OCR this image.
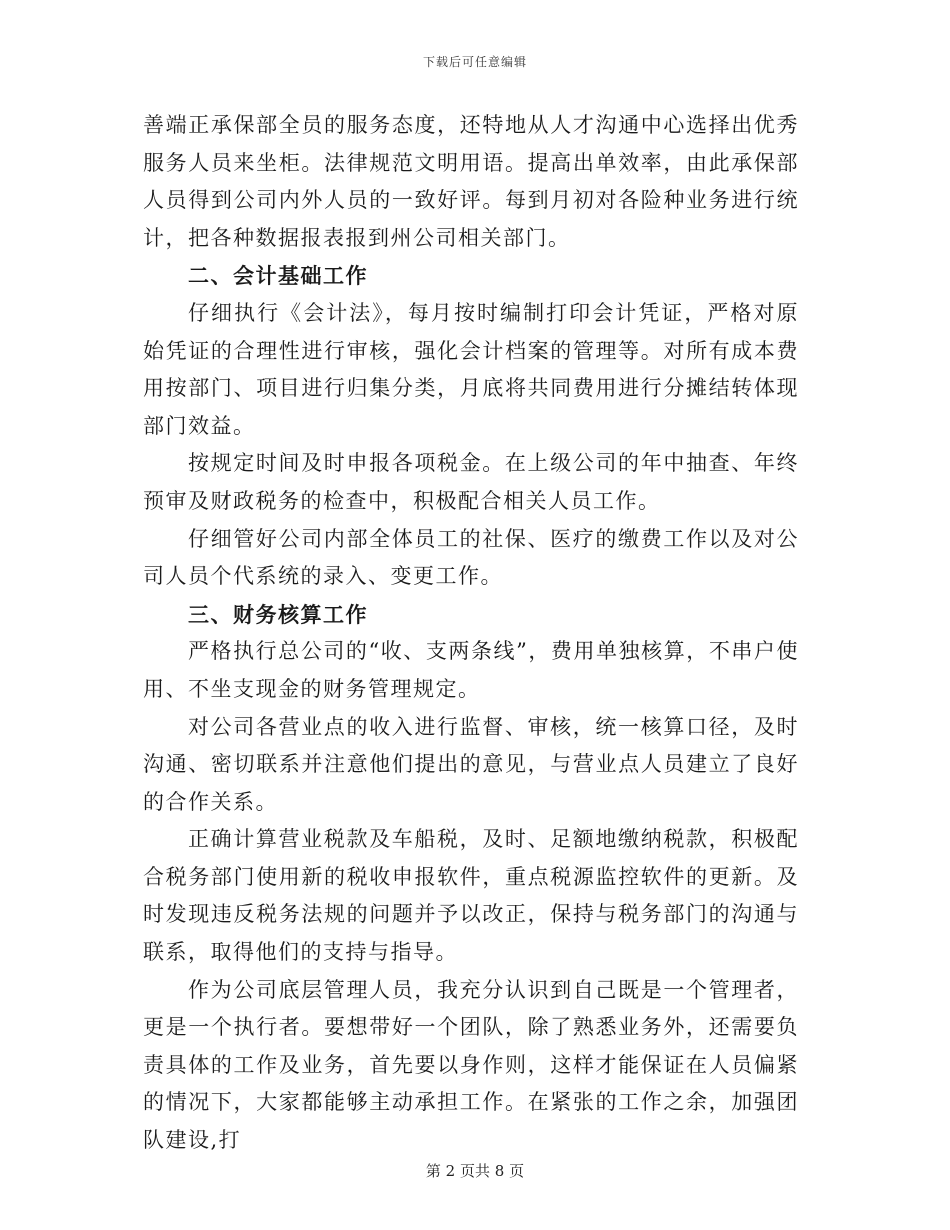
下载后可任意编辑

善端正承保部全员的服务态度，还特地从人才沟通中心选择出优秀服务人员来坐柜。法律规范文明用语。提高出单效率，由此承保部人员得到公司内外人员的一致好评。每到月初对各险种业务进行统计，把各种数据报表报到州公司相关部门。

二、会计基础工作

仔细执行《会计法》，每月按时编制打印会计凭证，严格对原始凭证的合理性进行审核，强化会计档案的管理等。对所有成本费用按部门、项目进行归集分类，月底将共同费用进行分摊结转体现部门效益。

按规定时间及时申报各项税金。在上级公司的年中抽查、年终预审及财政税务的检查中，积极配合相关人员工作。

仔细管好公司内部全体员工的社保、医疗的缴费工作以及对公司人员个代系统的录入、变更工作。

三、财务核算工作

严格执行总公司的“收、支两条线”，费用单独核算，不串户使用、不坐支现金的财务管理规定。

对公司各营业点的收入进行监督、审核，统一核算口径，及时沟通、密切联系并注意他们提出的意见，与营业点人员建立了良好的合作关系。

正确计算营业税款及车船税，及时、足额地缴纳税款，积极配合税务部门使用新的税收申报软件，重点税源监控软件的更新。及时发现违反税务法规的问题并予以改正，保持与税务部门的沟通与联系，取得他们的支持与指导。

作为公司底层管理人员，我充分认识到自己既是一个管理者，更是一个执行者。要想带好一个团队，除了熟悉业务外，还需要负责具体的工作及业务，首先要以身作则，这样才能保证在人员偏紧的情况下，大家都能够主动承担工作。在紧张的工作之余，加强团队建设,打

第 2 页共 8 页
